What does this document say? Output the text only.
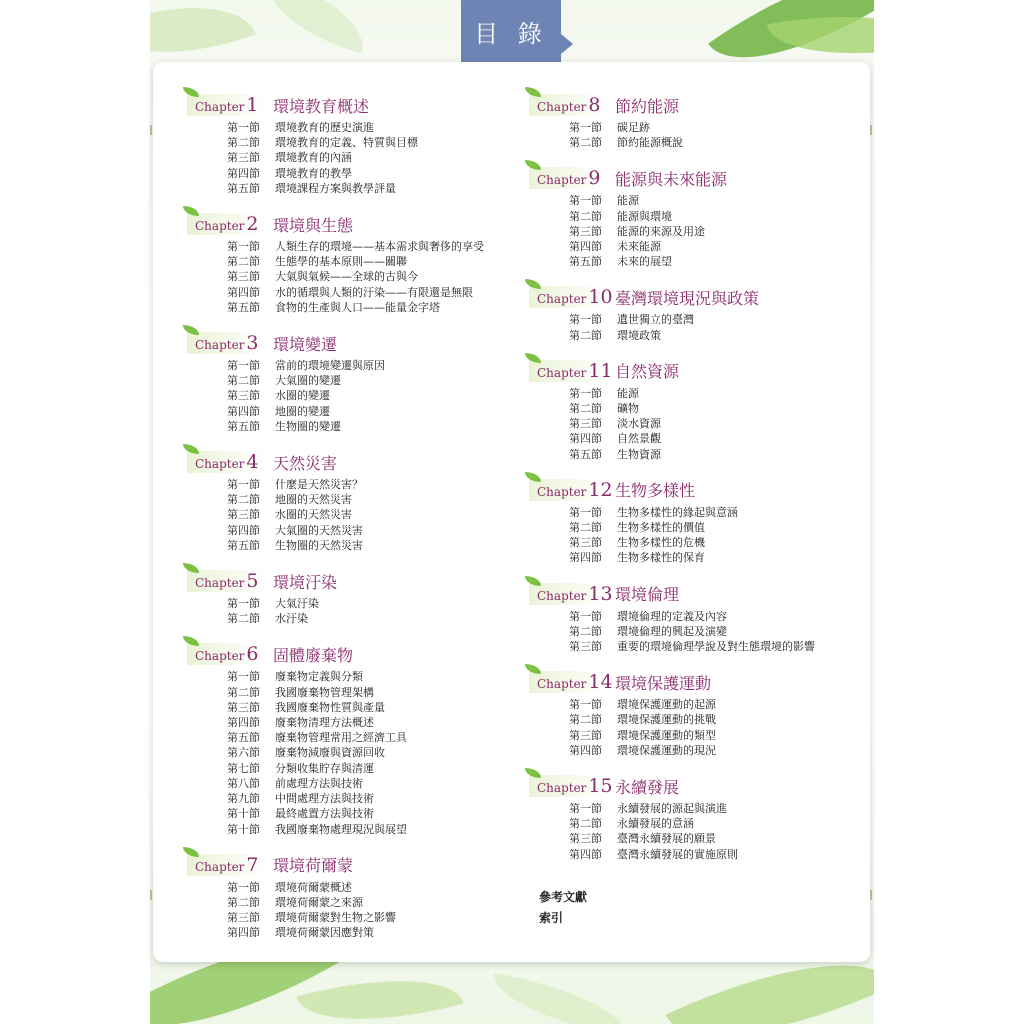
目 錄
Chapter 1 環境教育概述
第一節	環境教育的歷史演進
第二節	環境教育的定義、特質與目標
第三節	環境教育的內涵
第四節	環境教育的教學
第五節	環境課程方案與教學評量
Chapter 2 環境與生態
第一節	人類生存的環境——基本需求與奢侈的享受
第二節	生態學的基本原則——關聯
第三節	大氣與氣候——全球的古與今
第四節	水的循環與人類的汙染——有限還是無限
第五節	食物的生產與人口——能量金字塔
Chapter 3 環境變遷
第一節	當前的環境變遷與原因
第二節	大氣圈的變遷
第三節	水圈的變遷
第四節	地圈的變遷
第五節	生物圈的變遷
Chapter 4 天然災害
第一節	什麼是天然災害？
第二節	地圈的天然災害
第三節	水圈的天然災害
第四節	大氣圈的天然災害
第五節	生物圈的天然災害
Chapter 5 環境汙染
第一節	大氣汙染
第二節	水汙染
Chapter 6 固體廢棄物
第一節	廢棄物定義與分類
第二節	我國廢棄物管理架構
第三節	我國廢棄物性質與產量
第四節	廢棄物清理方法概述
第五節	廢棄物管理常用之經濟工具
第六節	廢棄物減廢與資源回收
第七節	分類收集貯存與清運
第八節	前處理方法與技術
第九節	中間處理方法與技術
第十節	最終處置方法與技術
第十節	我國廢棄物處理現況與展望
Chapter 7 環境荷爾蒙
第一節	環境荷爾蒙概述
第二節	環境荷爾蒙之來源
第三節	環境荷爾蒙對生物之影響
第四節	環境荷爾蒙因應對策
Chapter 8 節約能源
第一節	碳足跡
第二節	節約能源概說
Chapter 9 能源與未來能源
第一節	能源
第二節	能源與環境
第三節	能源的來源及用途
第四節	未來能源
第五節	未來的展望
Chapter 10 臺灣環境現況與政策
第一節	遺世獨立的臺灣
第二節	環境政策
Chapter 11 自然資源
第一節	能源
第二節	礦物
第三節	淡水資源
第四節	自然景觀
第五節	生物資源
Chapter 12 生物多樣性
第一節	生物多樣性的緣起與意涵
第二節	生物多樣性的價值
第三節	生物多樣性的危機
第四節	生物多樣性的保育
Chapter 13 環境倫理
第一節	環境倫理的定義及內容
第二節	環境倫理的興起及演變
第三節	重要的環境倫理學說及對生態環境的影響
Chapter 14 環境保護運動
第一節	環境保護運動的起源
第二節	環境保護運動的挑戰
第三節	環境保護運動的類型
第四節	環境保護運動的現況
Chapter 15 永續發展
第一節	永續發展的源起與演進
第二節	永續發展的意涵
第三節	臺灣永續發展的願景
第四節	臺灣永續發展的實施原則
參考文獻
索引
